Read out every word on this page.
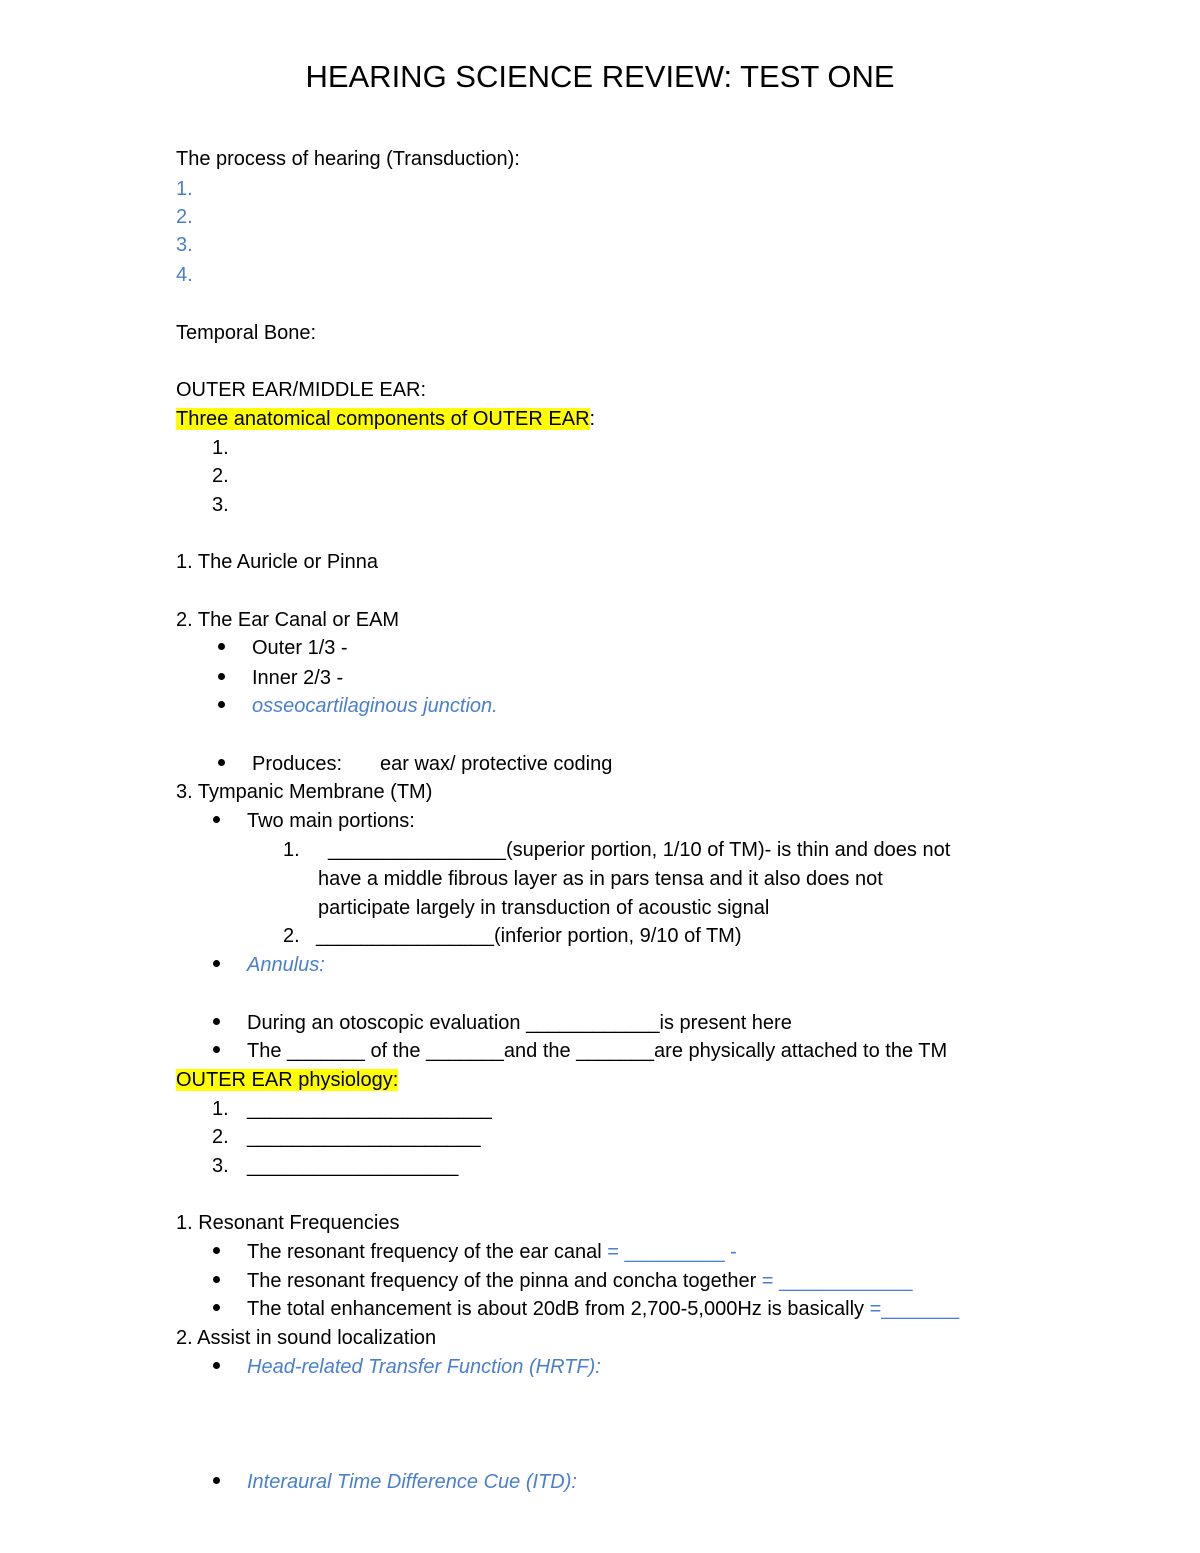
HEARING SCIENCE REVIEW: TEST ONE
The process of hearing (Transduction):
1.
2.
3.
4.
Temporal Bone:
OUTER EAR/MIDDLE EAR:
Three anatomical components of OUTER EAR:
1.
2.
3.
1. The Auricle or Pinna
2. The Ear Canal or EAM
Outer 1/3 -
Inner 2/3 -
osseocartilaginous junction.
Produces: ear wax/ protective coding
3. Tympanic Membrane (TM)
Two main portions:
1. ________________(superior portion, 1/10 of TM)- is thin and does not
have a middle fibrous layer as in pars tensa and it also does not
participate largely in transduction of acoustic signal
2. ________________(inferior portion, 9/10 of TM)
Annulus:
During an otoscopic evaluation ____________is present here
The _______ of the _______and the _______are physically attached to the TM
OUTER EAR physiology:
1. ______________________
2. _____________________
3. ___________________
1. Resonant Frequencies
The resonant frequency of the ear canal = _________ -
The resonant frequency of the pinna and concha together = ____________
The total enhancement is about 20dB from 2,700-5,000Hz is basically =_______
2. Assist in sound localization
Head-related Transfer Function (HRTF):
Interaural Time Difference Cue (ITD):
